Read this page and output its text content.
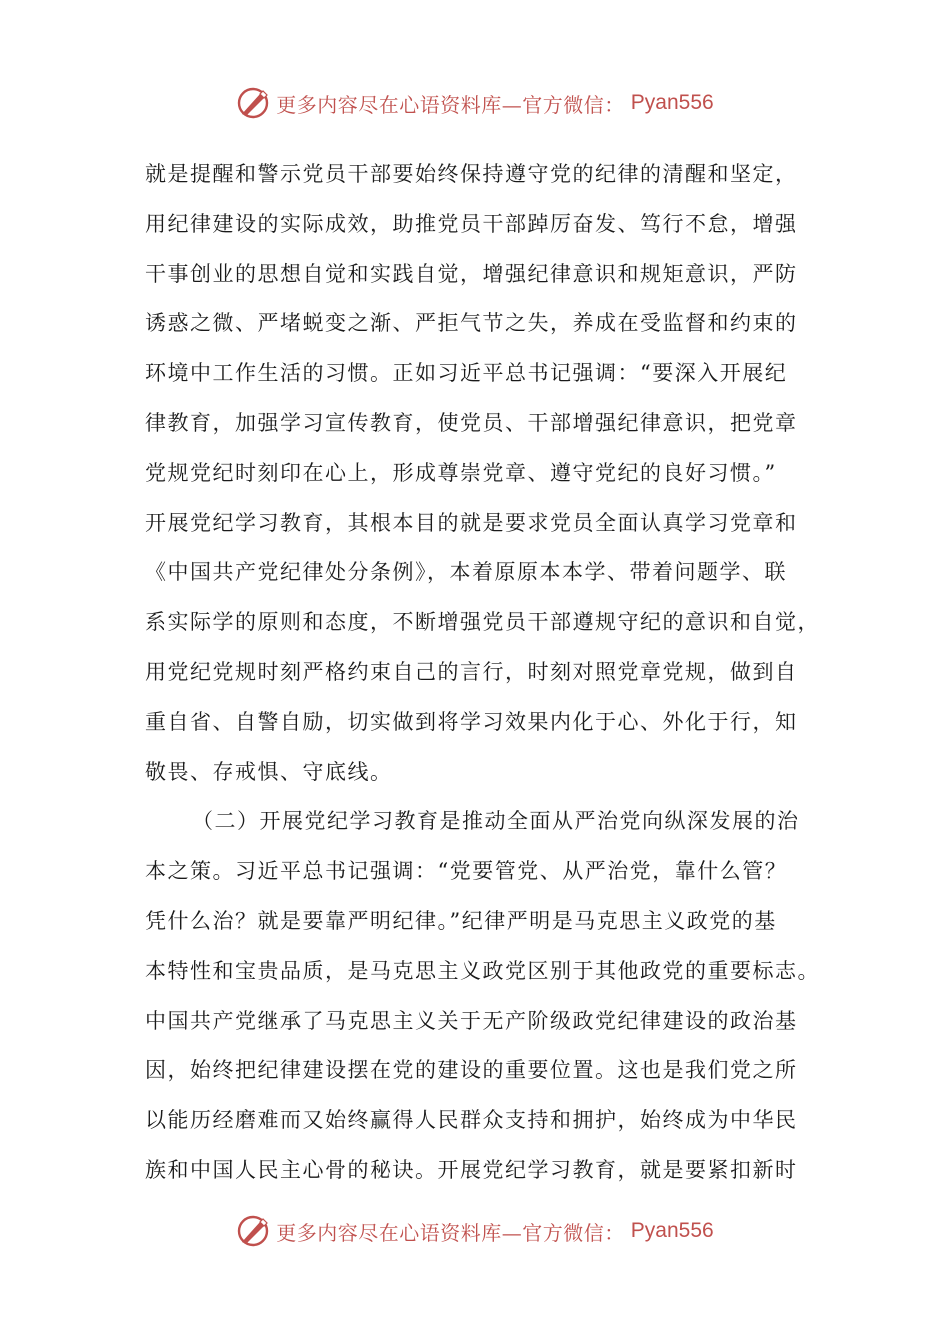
更多内容尽在心语资料库—官方微信： Pyan556
就是提醒和警示党员干部要始终保持遵守党的纪律的清醒和坚定，
用纪律建设的实际成效，助推党员干部踔厉奋发、笃行不怠，增强
干事创业的思想自觉和实践自觉，增强纪律意识和规矩意识，严防
诱惑之微、严堵蜕变之渐、严拒气节之失，养成在受监督和约束的
环境中工作生活的习惯。正如习近平总书记强调：“要深入开展纪
律教育，加强学习宣传教育，使党员、干部增强纪律意识，把党章
党规党纪时刻印在心上，形成尊崇党章、遵守党纪的良好习惯。”
开展党纪学习教育，其根本目的就是要求党员全面认真学习党章和
《中国共产党纪律处分条例》，本着原原本本学、带着问题学、联
系实际学的原则和态度，不断增强党员干部遵规守纪的意识和自觉，
用党纪党规时刻严格约束自己的言行，时刻对照党章党规，做到自
重自省、自警自励，切实做到将学习效果内化于心、外化于行，知
敬畏、存戒惧、守底线。
（二）开展党纪学习教育是推动全面从严治党向纵深发展的治
本之策。习近平总书记强调：“党要管党、从严治党，靠什么管？
凭什么治？就是要靠严明纪律。”纪律严明是马克思主义政党的基
本特性和宝贵品质，是马克思主义政党区别于其他政党的重要标志。
中国共产党继承了马克思主义关于无产阶级政党纪律建设的政治基
因，始终把纪律建设摆在党的建设的重要位置。这也是我们党之所
以能历经磨难而又始终赢得人民群众支持和拥护，始终成为中华民
族和中国人民主心骨的秘诀。开展党纪学习教育，就是要紧扣新时
更多内容尽在心语资料库—官方微信： Pyan556
